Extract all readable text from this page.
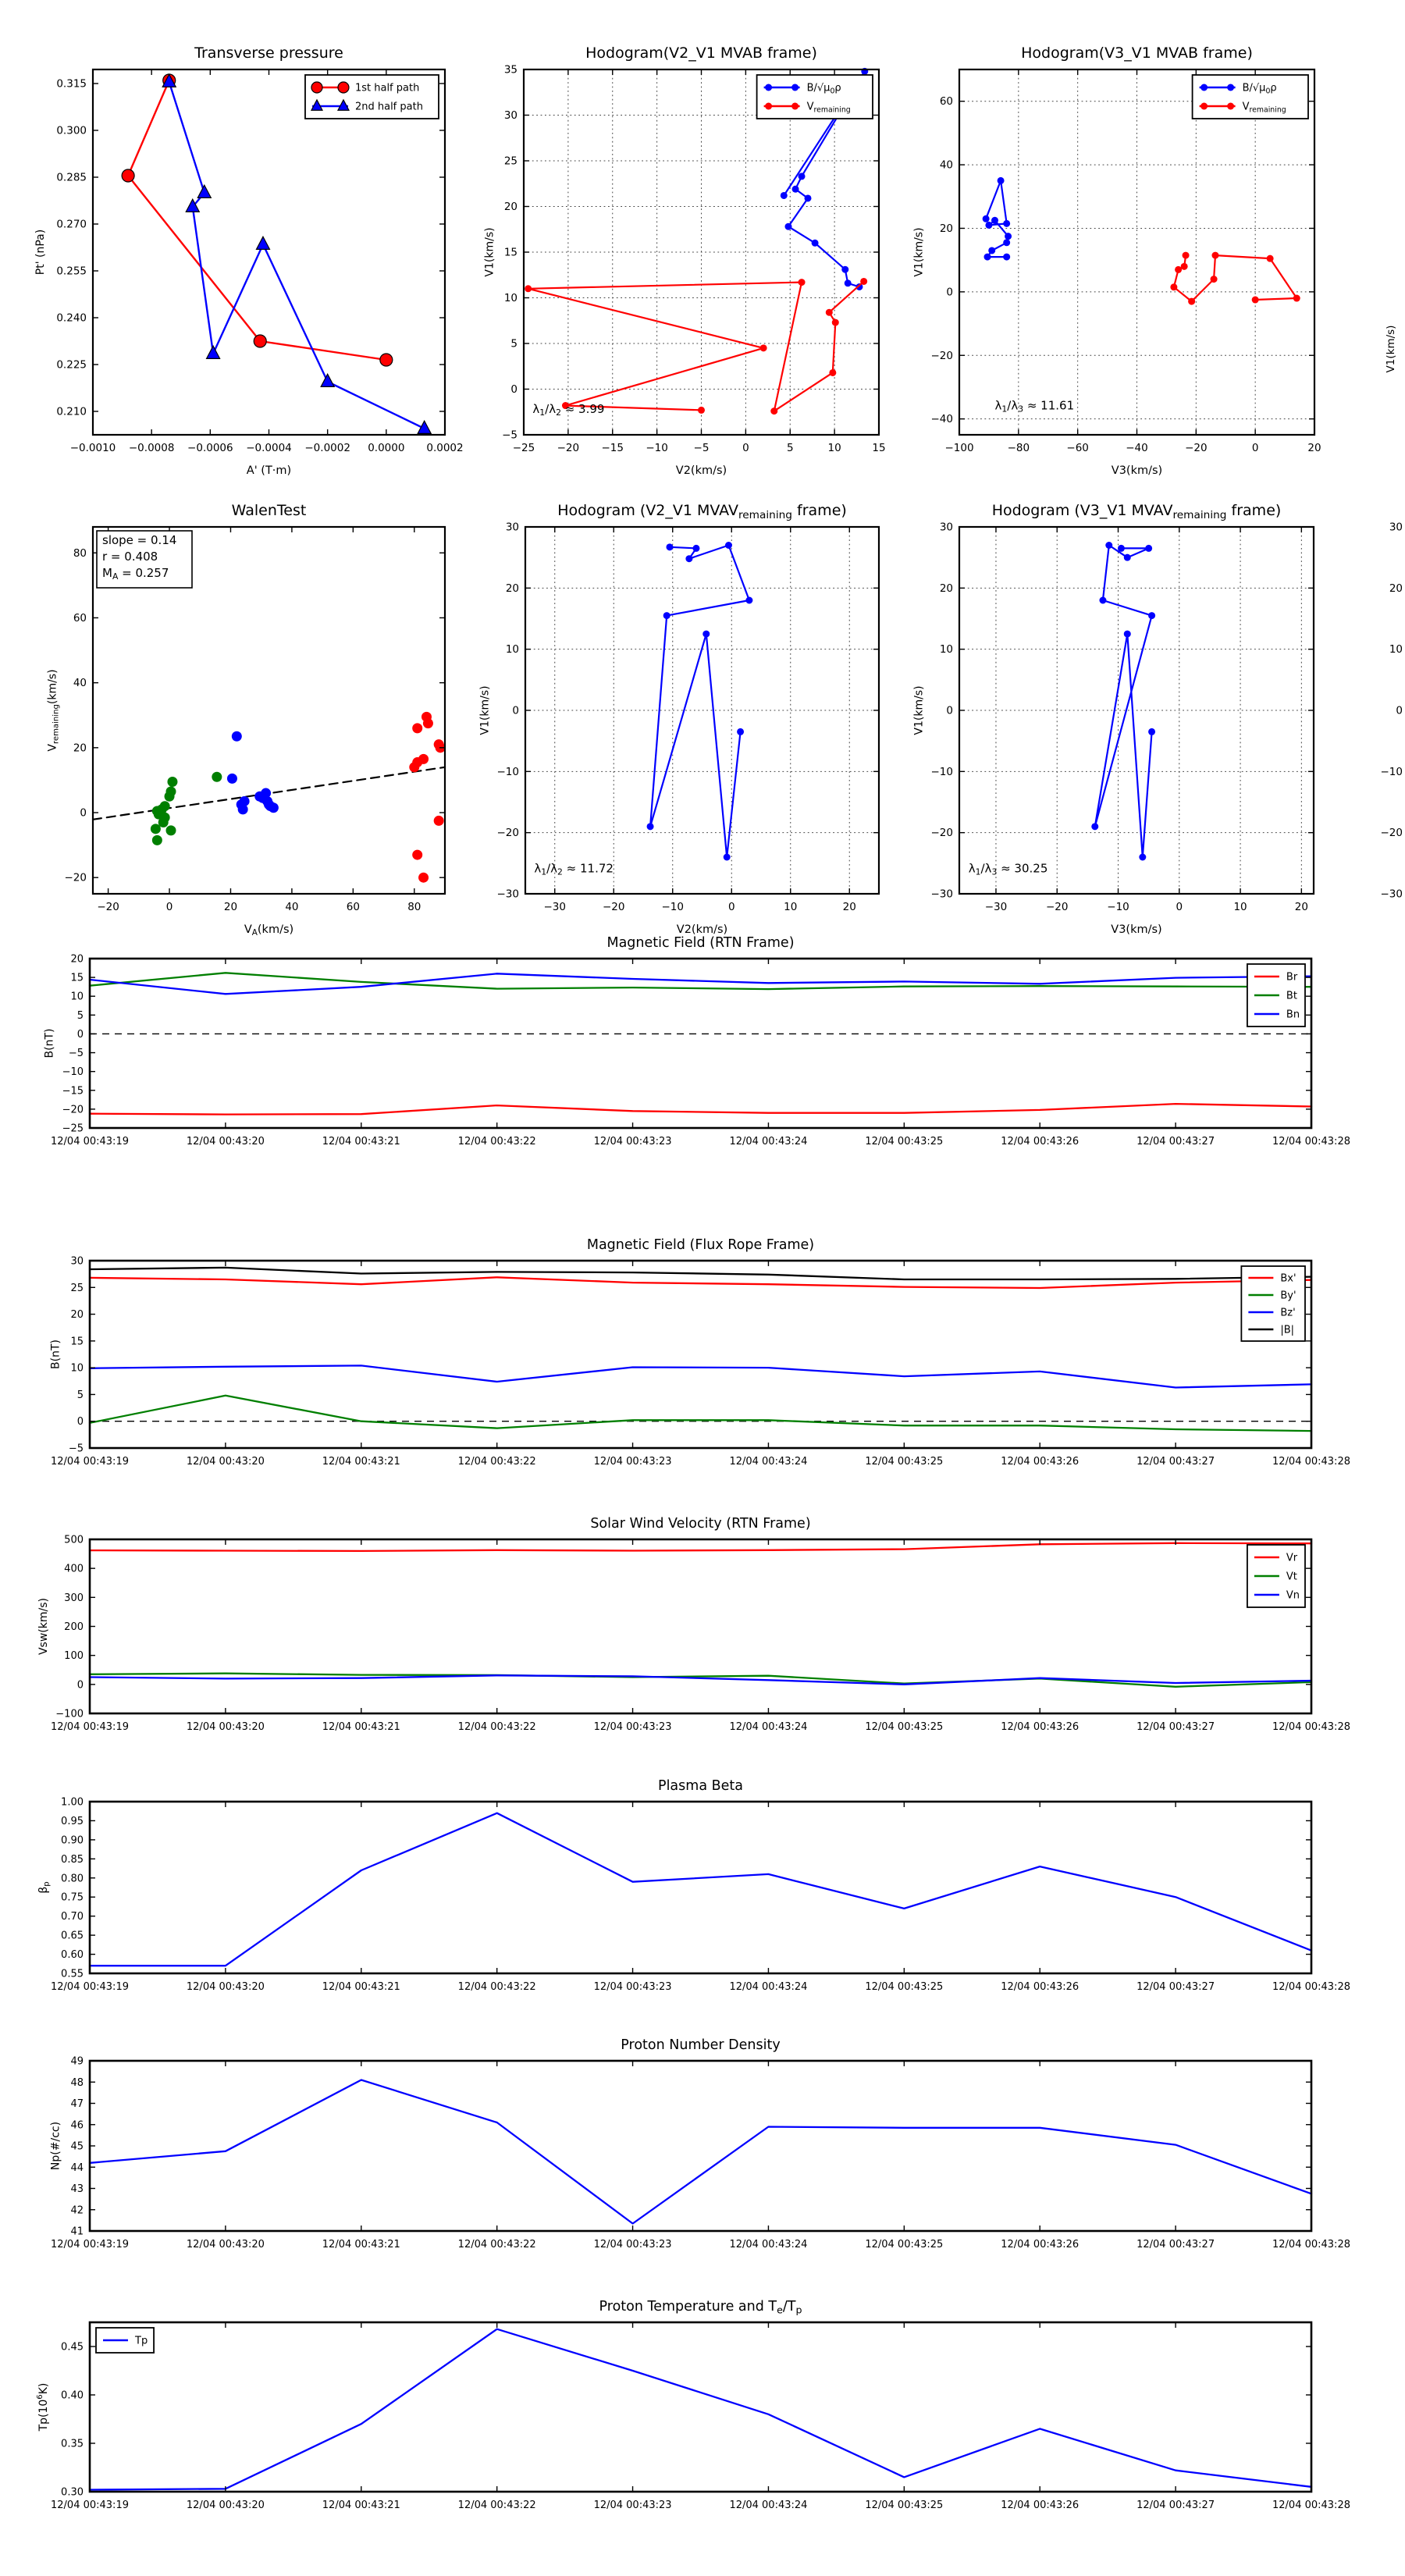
−0.0010 −0.0008 −0.0006 −0.0004 −0.0002 0.0000 0.0002
0.210
0.225
0.240
0.255
0.270
0.285
0.300
0.315
Transverse pressure
A' (T·m)
Pt' (nPa)
1st half path
2nd half path
−25 −20 −15 −10 −5	0	5	10	15
−5
0
5
10
15
20
25
30
35
Hodogram(V2_V1 MVAB frame)
V2(km/s)
V1(km/s)
$\lambda_1/\lambda_2 \approx 3.99$
$B/√\mu_0\rho$
$V_{remaining}$
−100	−80	−60	−40	−20	0	20
−40
−20
0
20
40
60
Hodogram(V3_V1 MVAB frame)
V3(km/s)
V1(km/s)
$\lambda_1/\lambda_3 \approx 11.61$
$B/√\mu_0\rho$
$V_{remaining}$
−20	0	20	40	60	80
−20
0
20
40
60
80
WalenTest
$V_A(km/s)$
$V_{remaining}(km/s)$
slope = 0.14
r = 0.408
$M_A = 0.257$
−30	−20	−10	0	10	20
−30
−20
−10
0
10
20
30
Hodogram (V2_V1 $MVAV_{remaining}$ frame)
V2(km/s)
V1(km/s)
$\lambda_1/\lambda_2 \approx 11.72$
−30	−20	−10	0	10	20
−30
−20
−10
0
10
20
30
Hodogram (V3_V1 $MVAV_{remaining}$ frame)
V3(km/s)
V1(km/s)
$\lambda_1/\lambda_3 \approx 30.25$
12/04 00:43:19	12/04 00:43:20	12/04 00:43:21	12/04 00:43:22	12/04 00:43:23	12/04 00:43:24	12/04 00:43:25	12/04 00:43:26	12/04 00:43:27	12/04 00:43:28
−25
−20
−15
−10
−5
0
5
10
15
20
Magnetic Field (RTN Frame)
B(nT)
Br
Bt
Bn
12/04 00:43:19	12/04 00:43:20	12/04 00:43:21	12/04 00:43:22	12/04 00:43:23	12/04 00:43:24	12/04 00:43:25	12/04 00:43:26	12/04 00:43:27	12/04 00:43:28
−5
0
5
10
15
20
25
30
Magnetic Field (Flux Rope Frame)
B(nT)
Bx'
By'
Bz'
|B|
12/04 00:43:19	12/04 00:43:20	12/04 00:43:21	12/04 00:43:22	12/04 00:43:23	12/04 00:43:24	12/04 00:43:25	12/04 00:43:26	12/04 00:43:27	12/04 00:43:28
−100
0
100
200
300
400
500
Solar Wind Velocity (RTN Frame)
Vsw(km/s)
Vr
Vt
Vn
12/04 00:43:19	12/04 00:43:20	12/04 00:43:21	12/04 00:43:22	12/04 00:43:23	12/04 00:43:24	12/04 00:43:25	12/04 00:43:26	12/04 00:43:27	12/04 00:43:28
0.55
0.60
0.65
0.70
0.75
0.80
0.85
0.90
0.95
1.00
Plasma Beta
$\beta_p$
12/04 00:43:19	12/04 00:43:20	12/04 00:43:21	12/04 00:43:22	12/04 00:43:23	12/04 00:43:24	12/04 00:43:25	12/04 00:43:26	12/04 00:43:27	12/04 00:43:28
41
42
43
44
45
46
47
48
49
Proton Number Density
Np(#/cc)
12/04 00:43:19	12/04 00:43:20	12/04 00:43:21	12/04 00:43:22	12/04 00:43:23	12/04 00:43:24	12/04 00:43:25	12/04 00:43:26	12/04 00:43:27	12/04 00:43:28
0.30
0.35
0.40
0.45
Proton Temperature and $T_e/T_p$
$Tp(10^6K)$
Tp
V1(km/s)
30
20
10
0
−10
−20
−30
